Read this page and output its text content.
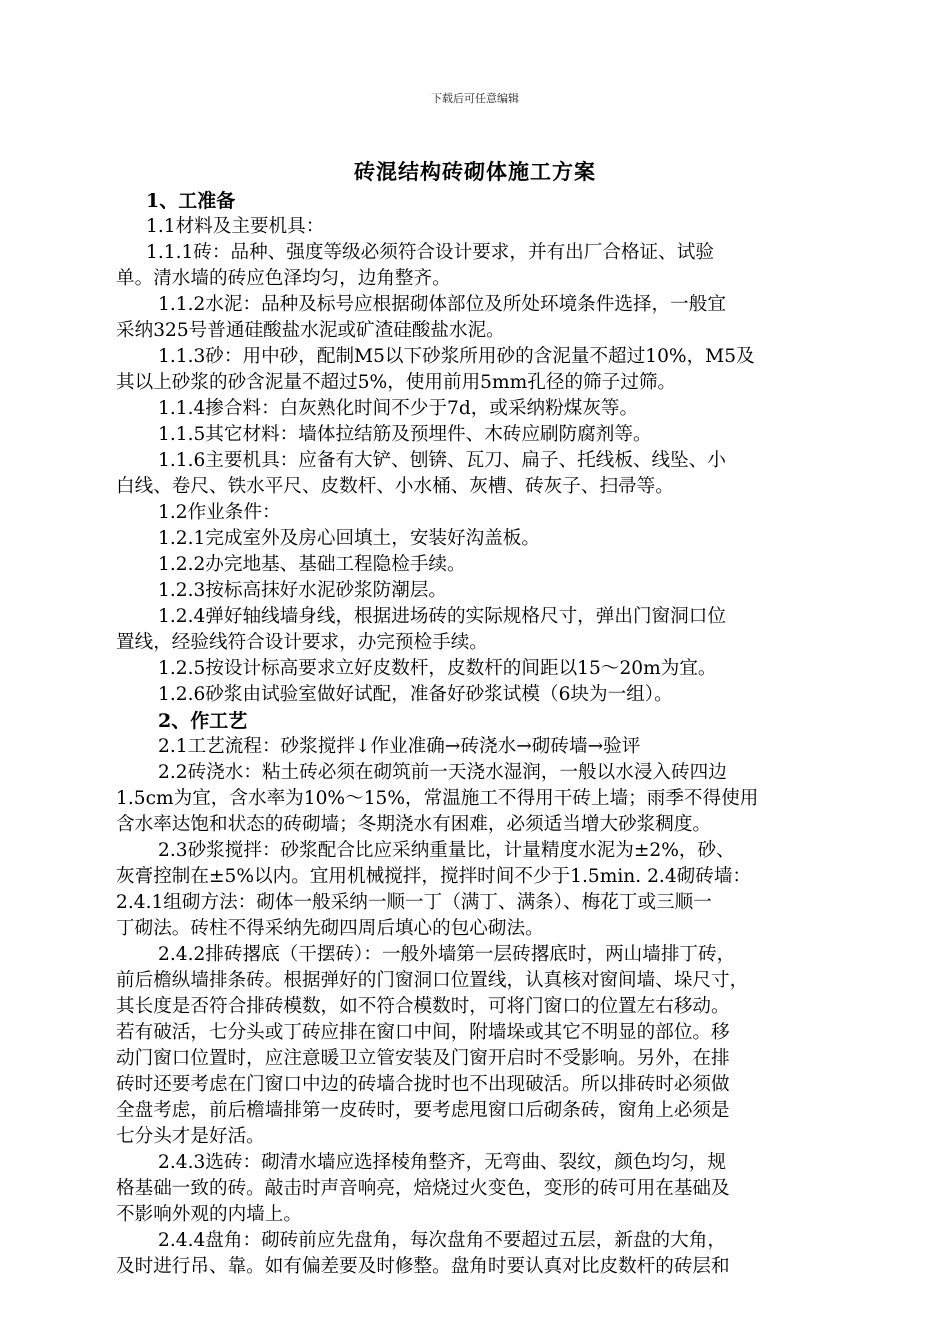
下载后可任意编辑
砖混结构砖砌体施工方案
1、工准备
1.1材料及主要机具：
1.1.1砖：品种、强度等级必须符合设计要求，并有出厂合格证、试验
单。清水墙的砖应色泽均匀，边角整齐。
1.1.2水泥：品种及标号应根据砌体部位及所处环境条件选择，一般宜
采纳325号普通硅酸盐水泥或矿渣硅酸盐水泥。
1.1.3砂：用中砂，配制M5以下砂浆所用砂的含泥量不超过10%，M5及
其以上砂浆的砂含泥量不超过5%，使用前用5mm孔径的筛子过筛。
1.1.4掺合料：白灰熟化时间不少于7d，或采纳粉煤灰等。
1.1.5其它材料：墙体拉结筋及预埋件、木砖应刷防腐剂等。
1.1.6主要机具：应备有大铲、刨锛、瓦刀、扁子、托线板、线坠、小
白线、卷尺、铁水平尺、皮数杆、小水桶、灰槽、砖灰子、扫帚等。
1.2作业条件：
1.2.1完成室外及房心回填土，安装好沟盖板。
1.2.2办完地基、基础工程隐检手续。
1.2.3按标高抹好水泥砂浆防潮层。
1.2.4弹好轴线墙身线，根据进场砖的实际规格尺寸，弹出门窗洞口位
置线，经验线符合设计要求，办完预检手续。
1.2.5按设计标高要求立好皮数杆，皮数杆的间距以15～20m为宜。
1.2.6砂浆由试验室做好试配，准备好砂浆试模（6块为一组）。
2、作工艺
2.1工艺流程：砂浆搅拌↓作业准确→砖浇水→砌砖墙→验评
2.2砖浇水：粘土砖必须在砌筑前一天浇水湿润，一般以水浸入砖四边
1.5cm为宜，含水率为10%～15%，常温施工不得用干砖上墙；雨季不得使用
含水率达饱和状态的砖砌墙；冬期浇水有困难，必须适当增大砂浆稠度。
2.3砂浆搅拌：砂浆配合比应采纳重量比，计量精度水泥为±2%，砂、
灰膏控制在±5%以内。宜用机械搅拌，搅拌时间不少于1.5min. 2.4砌砖墙：
2.4.1组砌方法：砌体一般采纳一顺一丁（满丁、满条）、梅花丁或三顺一
丁砌法。砖柱不得采纳先砌四周后填心的包心砌法。
2.4.2排砖撂底（干摆砖）：一般外墙第一层砖撂底时，两山墙排丁砖，
前后檐纵墙排条砖。根据弹好的门窗洞口位置线，认真核对窗间墙、垛尺寸，
其长度是否符合排砖模数，如不符合模数时，可将门窗口的位置左右移动。
若有破活，七分头或丁砖应排在窗口中间，附墙垛或其它不明显的部位。移
动门窗口位置时，应注意暖卫立管安装及门窗开启时不受影响。另外，在排
砖时还要考虑在门窗口中边的砖墙合拢时也不出现破活。所以排砖时必须做
全盘考虑，前后檐墙排第一皮砖时，要考虑甩窗口后砌条砖，窗角上必须是
七分头才是好活。
2.4.3选砖：砌清水墙应选择棱角整齐，无弯曲、裂纹，颜色均匀，规
格基础一致的砖。敲击时声音响亮，焙烧过火变色，变形的砖可用在基础及
不影响外观的内墙上。
2.4.4盘角：砌砖前应先盘角，每次盘角不要超过五层，新盘的大角，
及时进行吊、靠。如有偏差要及时修整。盘角时要认真对比皮数杆的砖层和
